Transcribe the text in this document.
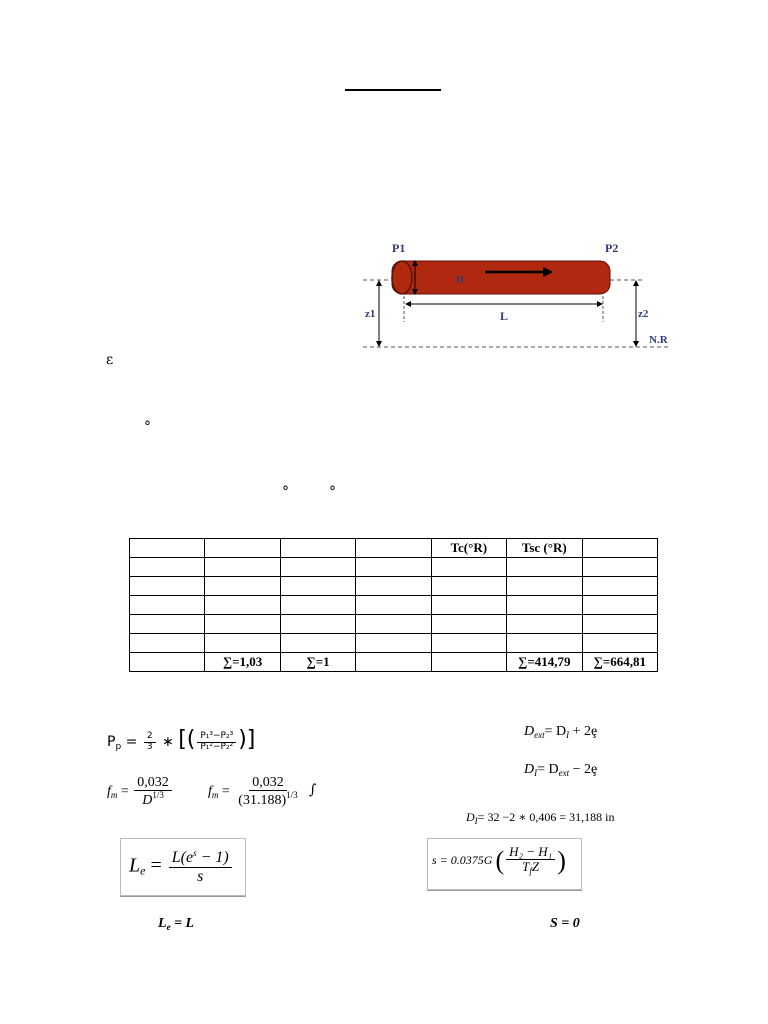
P1	P2
D
L
z1	z2
N.R
ε
°
°	°
				Tc(°R)	Tsc (°R)	

	∑=1,03	∑=1			∑=414,79	∑=664,81
$P_p = \frac{2}{3}$ ∗ [( $\frac{\text{P₁³−P₂³}}{\text{P₁²−P₂²}}$ )]
$f_m = \frac{0,032}{D^{1/3}}$	$f_m = \frac{0,032}{(31.188)^{1/3}}$ ∫
$L_e = \frac{L(e^s - 1)}{s}$
$L_e = L$
$D_{ext}= D_I$ + 2ȩ
$D_I= D_{ext}$ − 2ȩ
$D_I= 32 -2$ ∗ 0,406 = 31,188 in
s = 0.0375G ( $\frac{\text{H₂ − H₁}}{T_fZ}$ )
S = 0
